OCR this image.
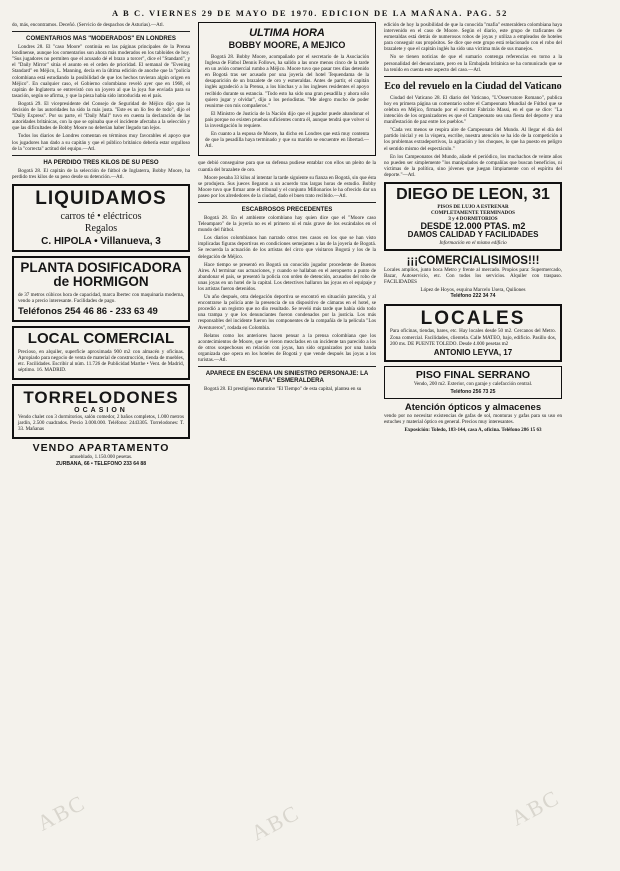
A B C. VIERNES 29 DE MAYO DE 1970. EDICION DE LA MAÑANA. PAG. 52

do, más, encontramos. Deceñó. (Servicio de despachos de Asturias).—Atl.

COMENTARIOS MAS "MODERADOS" EN LONDRES

Londres 28. El "caso Moore" continúa en las páginas principales de la Prensa londinense, aunque los comentarios son ahora más moderados en los tabloides de hoy. "Sus jugadores no permiten que el acusado dé el brazo a torcer", dice el "Standard", y el "Daily Mirror" sitúa el asunto en el orden de prioridad. El semanal de "Evening Standard" en Méjico, L. Manning, decía en la última edición de anoche que la "policía colombiana está estudiando la posibilidad de que los hechos tuvieran algún origen en Méjico". En cualquier caso, el Gobierno colombiano reveló ayer que en 1968, el capitán de Inglaterra se entrevistó con un joyero al que la joya fue enviada para su tasación, según se afirma, y que la pieza había sido introducida en el país.

Bogotá 29. El vicepresidente del Consejo de Seguridad de Méjico dijo que la decisión de las autoridades ha sido la más justa. "Este es un lío feo de todo", dijo el "Daily Express". Por su parte, el "Daily Mail" tuvo en cuenta la declaración de las autoridades británicas, con la que se opinaba que el incidente afectaba a la selección y que las dificultades de Bobby Moore no deberían haber llegado tan lejos.

Todos los diarios de Londres comentan en términos muy favorables el apoyo que los jugadores han dado a su capitán y que el público británico debería estar orgulloso de la "correcta" actitud del equipo.—Atl.

HA PERDIDO TRES KILOS DE SU PESO

Bogotá 28. El capitán de la selección de fútbol de Inglaterra, Bobby Moore, ha perdido tres kilos de su peso desde su detención.—Atl.

LIQUIDAMOS
carros té • eléctricos
Regalos
C. HIPOLA • Villanueva, 3
PLANTA DOSIFICADORA
de HORMIGON

de 37 metros cúbicos hora de capacidad, marca Ibertec con maquinaria moderna, vendo a precio interesante. Facilidades de pago.

Teléfonos 254 46 86 - 233 63 49
LOCAL COMERCIAL

Precioso, en alquiler, superficie aproximada 900 m2 con almacén y oficinas. Apropiado para negocio de venta de material de construcción, tienda de muebles, etc. Facilidades. Escribir al núm. 11.726 de Publicidad Marthe • Vent. de Madrid, séptimo. 16. MADRID.

TORRELODONES
OCASION

Vendo chalet con 3 dormitorios, salón comedor, 2 baños completos, 1.000 metros jardín, 2.500 cuadrados. Precio 3.000.000. Teléfono: 2443305. Torrelodones: T. 33. Mañanas

VENDO APARTAMENTO
amueblado, 1.150.000 pesetas.
ZURBANA, 66 • TELEFONO 233 64 88
ULTIMA HORA
BOBBY MOORE, A MEJICO

Bogotá 28. Bobby Moore, acompañado por el secretario de la Asociación Inglesa de Fútbol Dennis Follows, ha salido a las once menos cinco de la tarde en un avión comercial rumbo a Méjico. Moore tuvo que pasar tres días detenido en Bogotá tras ser acusado por una joyería del hotel Tequendama de la desaparición de un brazalete de oro y esmeraldas. Antes de partir, el capitán inglés agradeció a la Prensa, a los hinchas y a los ingleses residentes el apoyo recibido durante su estancia. "Todo esto ha sido una gran pesadilla y ahora sólo quiero jugar y olvidar", dijo a los periodistas. "Me alegro mucho de poder reunirme con mis compañeros."

El Ministro de Justicia de la Nación dijo que el jugador puede abandonar el país porque no existen pruebas suficientes contra él, aunque tendrá que volver si la investigación lo requiere.

En cuanto a la esposa de Moore, ha dicho en Londres que está muy contenta de que la pesadilla haya terminado y que su marido se encuentre en libertad.—Atl.

que debió conseguirse para que su defensa pudiese entablar con ellos un pleito de la cuantía del brazalete de oro.

Moore pesaba 33 kilos al intentar la tarde siguiente su fianza en Bogotá, sin que ésta se produjera. Sus jueces llegaron a un acuerdo tras largas horas de estudio. Bobby Moore tuvo que firmar ante el tribunal y el conjunto Millonarios le ha ofrecido dar un paseo por los alrededores de la ciudad, dado el buen trato recibido.—Atl.

ESCABROSOS PRECEDENTES

Bogotá 28. En el ambiente colombiano hay quien dice que el "Moore caso Teleamparo" de la joyería no es el primero ni el más grave de los escándalos en el mundo del fútbol.

Los diarios colombianos han narrado otros tres casos en los que se han visto implicadas figuras deportivas en condiciones semejantes a las de la joyería de Bogotá. Se recuerda la actuación de los artistas del circo que visitaron Bogotá y los de la delegación de Méjico.

Hace tiempo se presentó en Bogotá un conocido jugador procedente de Buenos Aires. Al terminar sus actuaciones, y cuando se hallaban en el aeropuerto a punto de abandonar el país, se presentó la policía con orden de detención, acusados del robo de unas joyas en un hotel de la capital. Los detectives hallaron las joyas en el equipaje y los artistas fueron detenidos.

Un año después, otra delegación deportiva se encontró en situación parecida, y al encontrarse la policía ante la presencia de un dispositivo de cámaras en el hotel, se procedió a un registro que no dio resultado. Se reveló más tarde que había sido todo una trampa y que los denunciantes fueron condenados por la justicia. Los más responsables del incidente fueron los componentes de la compañía de la película "Los Aventureros", rodada en Colombia.

Relatos como los anteriores hacen pensar a la prensa colombiana que los acontecimientos de Moore, que se vieron mezclados en un incidente tan parecido a los de otros sospechosos en relación con joyas, han sido organizados por una banda organizada que opera en los hoteles de Bogotá y que vende después las joyas a los turistas.—Atl.

APARECE EN ESCENA UN SINIESTRO PERSONAJE: LA "MAFIA" ESMERALDERA

Bogotá 28. El prestigioso matutino "El Tiempo" de esta capital, plantea en su

edición de hoy la posibilidad de que la conocida "mafia" esmeraldera colombiana haya intervenido en el caso de Moore. Según el diario, este grupo de traficantes de esmeraldas está detrás de numerosos robos de joyas y utiliza a empleados de hoteles para conseguir sus propósitos. Se dice que este grupo está relacionado con el robo del brazalete y que el capitán inglés ha sido una víctima más de sus manejos.

No se tienen noticias de que el sumario contenga referencias en torno a la personalidad del denunciante, pero en la Embajada británica se ha comunicado que se ha tenido en cuenta este aspecto del caso.—Atl.

Eco del revuelo en la Ciudad del Vaticano

Ciudad del Vaticano 28. El diario del Vaticano, "L'Osservatore Romano", publica hoy en primera página un comentario sobre el Campeonato Mundial de Fútbol que se celebra en Méjico, firmado por el escritor Fabrizio Massi, en el que se dice: "La intención de los organizadores es que el Campeonato sea una fiesta del deporte y una manifestación de paz entre los pueblos."

"Cada vez menos se respira aire de Campeonato del Mundo. Al llegar el día del partido inicial y en la víspera, escribe, nuestra atención se ha ido de la competición a los problemas extradeportivos, la agitación y los choques, lo que ha puesto en peligro el sentido mismo del espectáculo."

En los Campeonatos del Mundo, añade el periódico, los muchachos de veinte años no pueden ser simplemente "los manipulados de compañías que buscan beneficios, ni víctimas de la política, sino jóvenes que juegan limpiamente con el espíritu del deporte."—Atl.

DIEGO DE LEON, 31
PISOS DE LUJO A ESTRENAR
COMPLETAMENTE TERMINADOS
3 y 4 DORMITORIOS
DESDE 12.000 PTAS. m2
DAMOS CALIDAD Y FACILIDADES
Información en el mismo edificio
¡¡¡COMERCIALISIMOS!!!

Locales amplios, junto boca Metro y frente al mercado. Propios para: Supermercado, Bazar, Autoservicio, etc. Con todos los servicios. Alquiler con traspaso. FACILIDADES

López de Hoyos, esquina Marcelo Usera, Quiñones
Teléfono 222 34 74
LOCALES

Para oficinas, tiendas, bares, etc. Hay locales desde 50 m2. Cercanos del Metro. Zona comercial. Facilidades, clientela. Calle MATEO, bajo, edificio. Pasillo dos, 200 ms. DE PUENTE TOLEDO. Desde 4.000 pesetas m2

ANTONIO LEYVA, 17
PISO FINAL SERRANO

Vendo, 200 m2. Exterior, con garaje y calefacción central.

Teléfono 256 73 25
Atención ópticos y almacenes

vendo por no necesitar existencias de gafas de sol, monturas y gafas para su uso en estuches y material óptico en general. Precios muy interesantes.

Exposición: Toledo, 183-144, casa A, oficina. Teléfono 286 15 63
ABC	ABC	ABC
